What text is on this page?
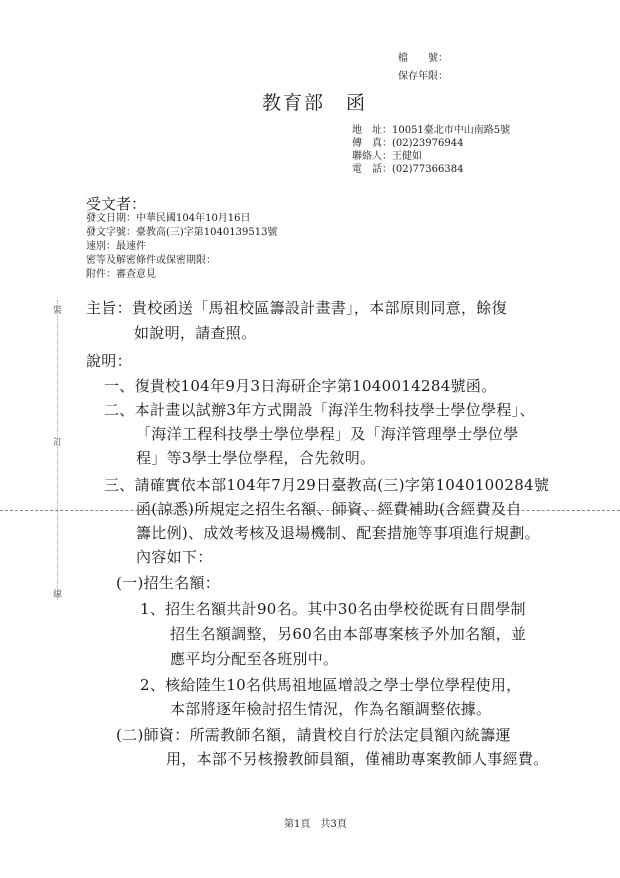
檔　　號：
保存年限：
教育部　函
地　址：10051臺北市中山南路5號
傳　真：(02)23976944
聯絡人：王健如
電　話：(02)77366384
受文者：
發文日期：中華民國104年10月16日
發文字號：臺教高(三)字第1040139513號
速別：最速件
密等及解密條件或保密期限：
附件：審查意見
裝
訂
線
主旨：貴校函送「馬祖校區籌設計畫書」，本部原則同意，餘復
如說明，請查照。
說明：
一、復貴校104年9月3日海研企字第1040014284號函。
二、本計畫以試辦3年方式開設「海洋生物科技學士學位學程」、
「海洋工程科技學士學位學程」及「海洋管理學士學位學
程」等3學士學位學程，合先敘明。
三、請確實依本部104年7月29日臺教高(三)字第1040100284號
函(諒悉)所規定之招生名額、師資、經費補助(含經費及自
籌比例)、成效考核及退場機制、配套措施等事項進行規劃。
內容如下：
(一)招生名額：
1、招生名額共計90名。其中30名由學校從既有日間學制
招生名額調整，另60名由本部專案核予外加名額，並
應平均分配至各班別中。
2、核給陸生10名供馬祖地區增設之學士學位學程使用，
本部將逐年檢討招生情況，作為名額調整依據。
(二)師資：所需教師名額，請貴校自行於法定員額內統籌運
用，本部不另核撥教師員額，僅補助專案教師人事經費。
第1頁　共3頁
